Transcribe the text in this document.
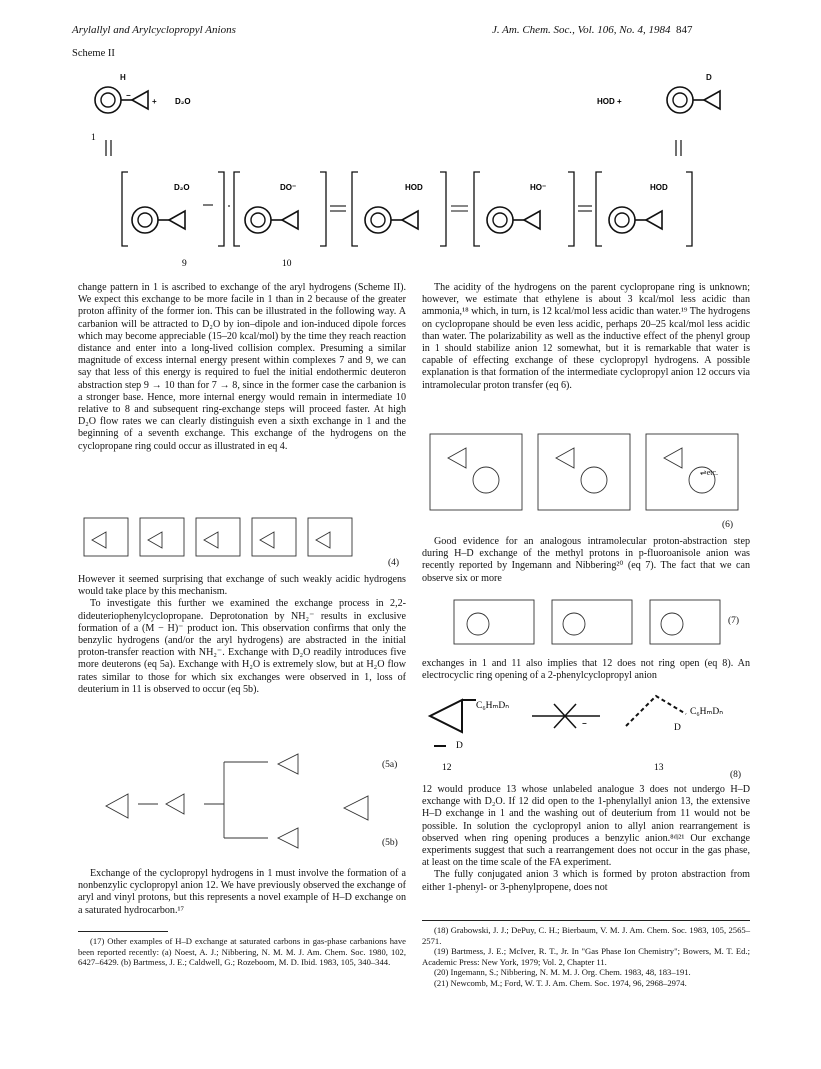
Arylallyl and Arylcyclopropyl Anions	J. Am. Chem. Soc., Vol. 106, No. 4, 1984 847
Scheme II
H
−
+ D₂O
1
HOD +
D
D₂O	DO⁻	HOD	HO⁻	HOD
9	10

change pattern in 1 is ascribed to exchange of the aryl hydrogens (Scheme II). We expect this exchange to be more facile in 1 than in 2 because of the greater proton affinity of the former ion. This can be illustrated in the following way. A carbanion will be attracted to D₂O by ion–dipole and ion-induced dipole forces which may become appreciable (15–20 kcal/mol) by the time they reach reaction distance and enter into a long-lived collision complex. Presuming a similar magnitude of excess internal energy present within complexes 7 and 9, we can say that less of this energy is required to fuel the initial endothermic deuteron abstraction step 9 → 10 than for 7 → 8, since in the former case the carbanion is a stronger base. Hence, more internal energy would remain in intermediate 10 relative to 8 and subsequent ring-exchange steps will proceed faster. At high D₂O flow rates we can clearly distinguish even a sixth exchange in 1 and the beginning of a seventh exchange. This exchange of the hydrogens on the cyclopropane ring could occur as illustrated in eq 4.

(4)

However it seemed surprising that exchange of such weakly acidic hydrogens would take place by this mechanism.

To investigate this further we examined the exchange process in 2,2-dideuteriophenylcyclopropane. Deprotonation by NH₂⁻ results in exclusive formation of a (M − H)⁻ product ion. This observation confirms that only the benzylic hydrogens (and/or the aryl hydrogens) are abstracted in the initial proton-transfer reaction with NH₂⁻. Exchange with D₂O readily introduces five more deuterons (eq 5a). Exchange with H₂O is extremely slow, but at H₂O flow rates similar to those for which six exchanges were observed in 1, loss of deuterium in 11 is observed to occur (eq 5b).

(5a)
(5b)

Exchange of the cyclopropyl hydrogens in 1 must involve the formation of a nonbenzylic cyclopropyl anion 12. We have previously observed the exchange of aryl and vinyl protons, but this represents a novel example of H–D exchange on a saturated hydrocarbon.¹⁷

(17) Other examples of H–D exchange at saturated carbons in gas-phase carbanions have been reported recently: (a) Noest, A. J.; Nibbering, N. M. M. J. Am. Chem. Soc. 1980, 102, 6427–6429. (b) Bartmess, J. E.; Caldwell, G.; Rozeboom, M. D. Ibid. 1983, 105, 340–344.

The acidity of the hydrogens on the parent cyclopropane ring is unknown; however, we estimate that ethylene is about 3 kcal/mol less acidic than ammonia,¹⁸ which, in turn, is 12 kcal/mol less acidic than water.¹⁹ The hydrogens on cyclopropane should be even less acidic, perhaps 20–25 kcal/mol less acidic than water. The polarizability as well as the inductive effect of the phenyl group in 1 should stabilize anion 12 somewhat, but it is remarkable that water is capable of effecting exchange of these cyclopropyl hydrogens. A possible explanation is that formation of the intermediate cyclopropyl anion 12 occurs via intramolecular proton transfer (eq 6).

⇌etc.
(6)

Good evidence for an analogous intramolecular proton-abstraction step during H–D exchange of the methyl protons in p-fluoroanisole anion was recently reported by Ingemann and Nibbering²⁰ (eq 7). The fact that we can observe six or more

(7)

exchanges in 1 and 11 also implies that 12 does not ring open (eq 8). An electrocyclic ring opening of a 2-phenylcyclopropyl anion

−
C₆HₘDₙ
C₆HₘDₙ
D
D
12	13
(8)

12 would produce 13 whose unlabeled analogue 3 does not undergo H–D exchange with D₂O. If 12 did open to the 1-phenylallyl anion 13, the extensive H–D exchange in 1 and the washing out of deuterium from 11 would not be possible. In solution the cyclopropyl anion to allyl anion rearrangement is observed when ring opening produces a benzylic anion.⁸ᵈʲ²¹ Our exchange experiments suggest that such a rearrangement does not occur in the gas phase, at least on the time scale of the FA experiment.

The fully conjugated anion 3 which is formed by proton abstraction from either 1-phenyl- or 3-phenylpropene, does not

(18) Grabowski, J. J.; DePuy, C. H.; Bierbaum, V. M. J. Am. Chem. Soc. 1983, 105, 2565–2571.

(19) Bartmess, J. E.; McIver, R. T., Jr. In "Gas Phase Ion Chemistry"; Bowers, M. T. Ed.; Academic Press: New York, 1979; Vol. 2, Chapter 11.

(20) Ingemann, S.; Nibbering, N. M. M. J. Org. Chem. 1983, 48, 183–191.

(21) Newcomb, M.; Ford, W. T. J. Am. Chem. Soc. 1974, 96, 2968–2974.
